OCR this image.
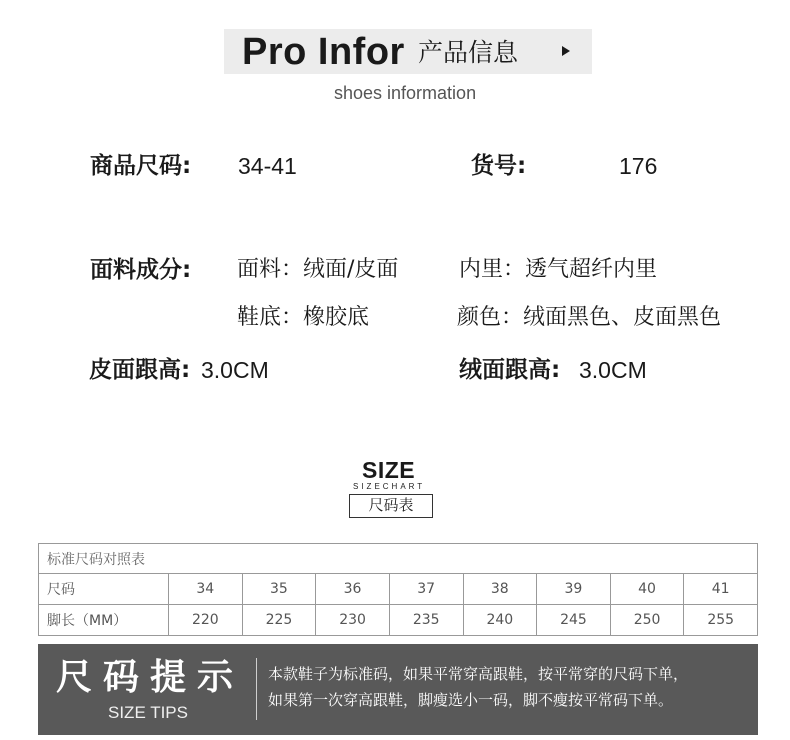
Pro Infor 产品信息
shoes information
商品尺码: 34-41	货号:	176
面料成分: 面料：绒面/皮面	内里：透气超纤内里
鞋底：橡胶底	颜色：绒面黑色、皮面黑色
皮面跟高: 3.0CM	绒面跟高: 3.0CM
SIZE
SIZECHART
尺码表
标准尺码对照表								
尺码	34	35	36	37	38	39	40	41
脚长（MM）	220	225	230	235	240	245	250	255
尺码提示
SIZE TIPS
本款鞋子为标准码，如果平常穿高跟鞋，按平常穿的尺码下单，
如果第一次穿高跟鞋，脚瘦选小一码，脚不瘦按平常码下单。
